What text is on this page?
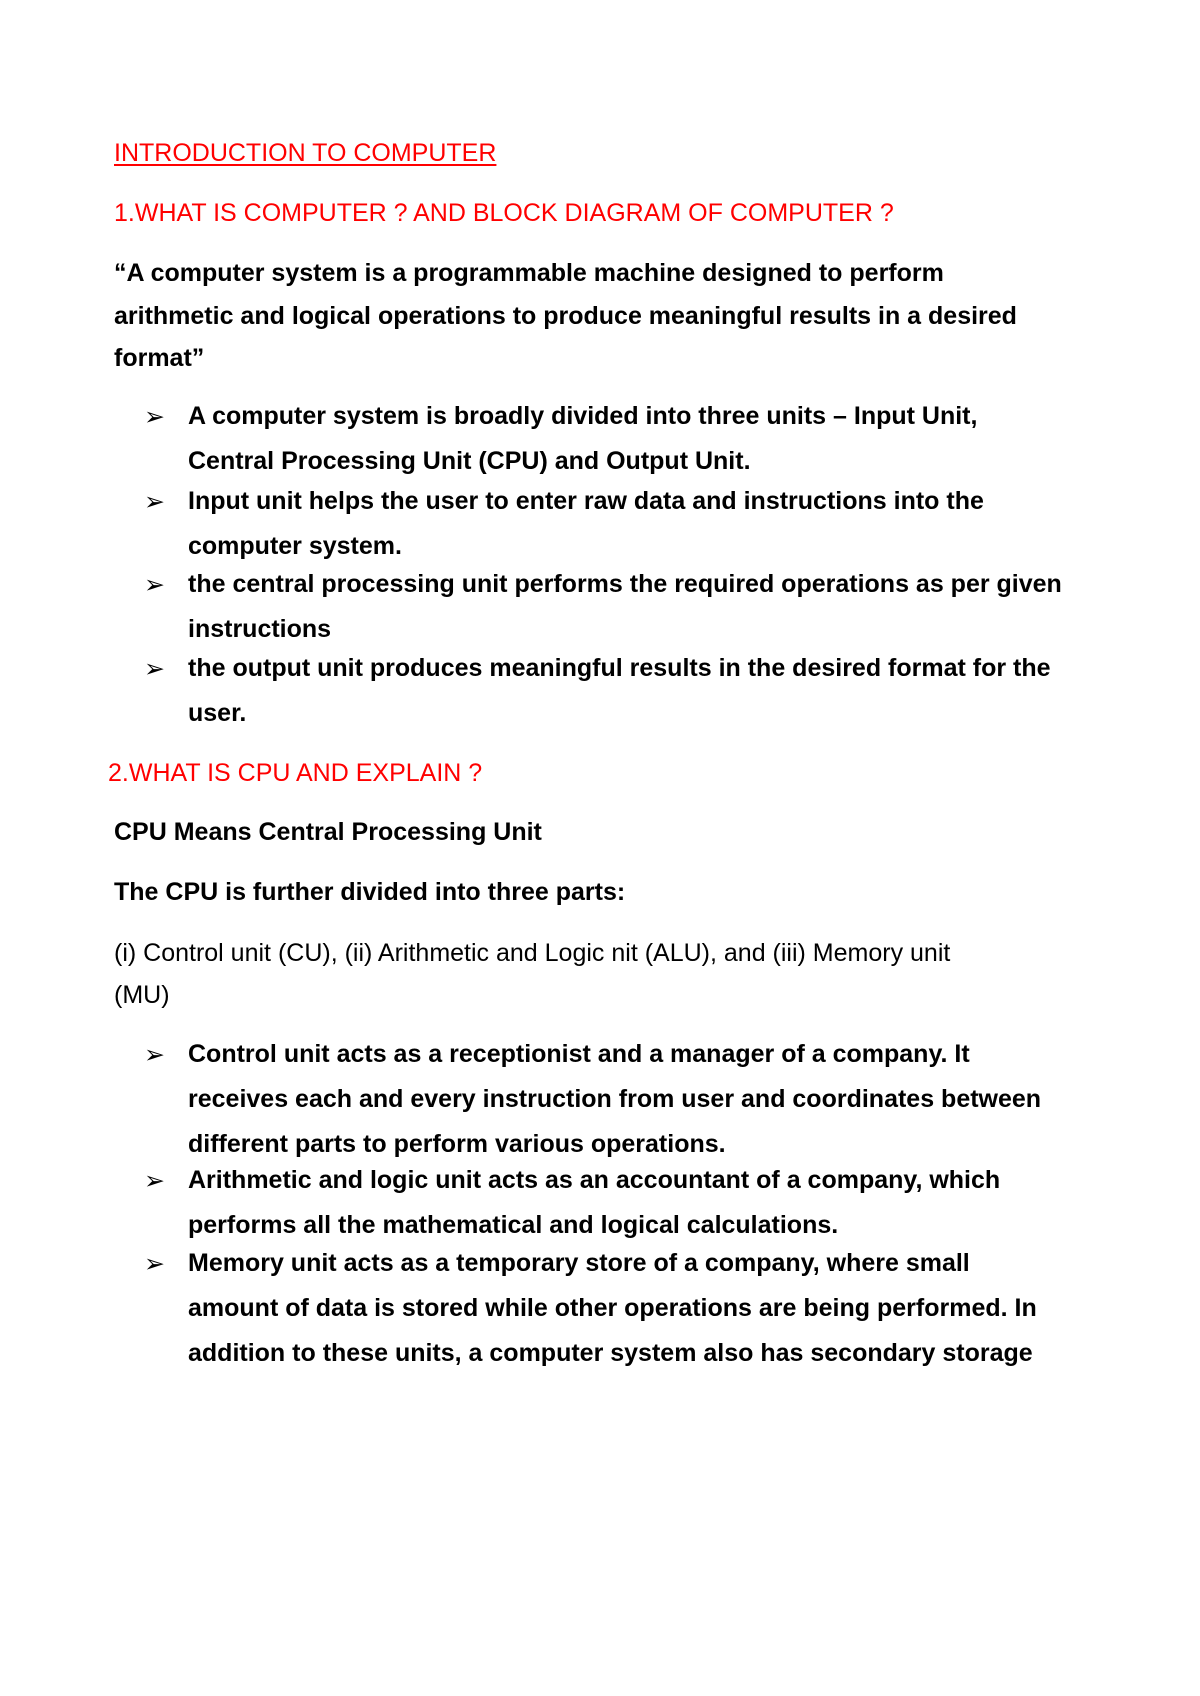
INTRODUCTION TO COMPUTER
1.WHAT IS COMPUTER ? AND BLOCK DIAGRAM OF COMPUTER ?
“A computer system is a programmable machine designed to perform
arithmetic and logical operations to produce meaningful results in a desired
format”
➢ A computer system is broadly divided into three units – Input Unit,
Central Processing Unit (CPU) and Output Unit.
➢ Input unit helps the user to enter raw data and instructions into the
computer system.
➢ the central processing unit performs the required operations as per given
instructions
➢ the output unit produces meaningful results in the desired format for the
user.
2.WHAT IS CPU AND EXPLAIN ?
CPU Means Central Processing Unit
The CPU is further divided into three parts:
(i) Control unit (CU), (ii) Arithmetic and Logic nit (ALU), and (iii) Memory unit
(MU)
➢ Control unit acts as a receptionist and a manager of a company. It
receives each and every instruction from user and coordinates between
different parts to perform various operations.
➢ Arithmetic and logic unit acts as an accountant of a company, which
performs all the mathematical and logical calculations.
➢ Memory unit acts as a temporary store of a company, where small
amount of data is stored while other operations are being performed. In
addition to these units, a computer system also has secondary storage
